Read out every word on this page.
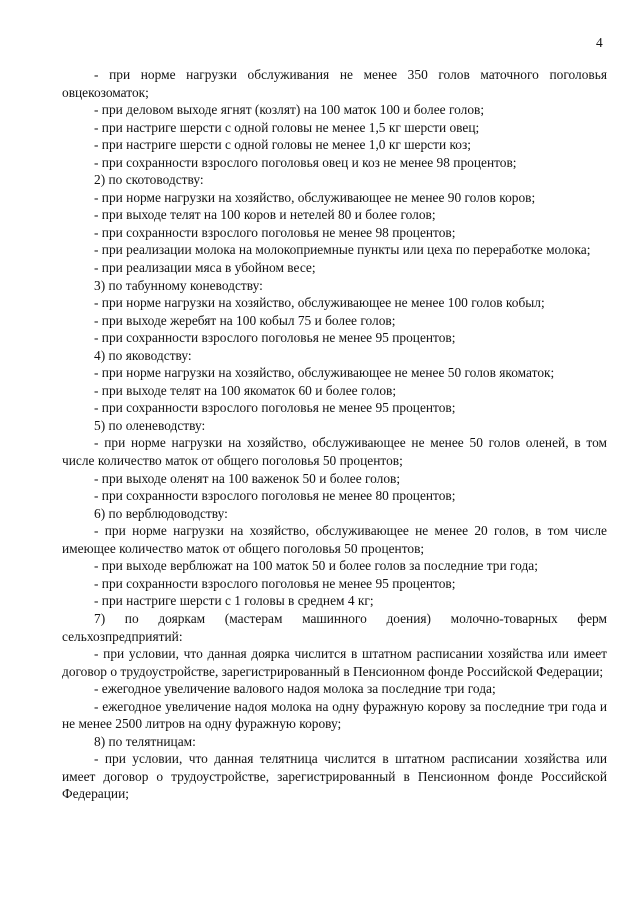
4

- при норме нагрузки обслуживания не менее 350 голов маточного поголовья овцекозоматок;

- при деловом выходе ягнят (козлят) на 100 маток 100 и более голов;

- при настриге шерсти с одной головы не менее 1,5 кг шерсти овец;

- при настриге шерсти с одной головы не менее 1,0 кг шерсти коз;

- при сохранности взрослого поголовья овец и коз не менее 98 процентов;

2) по скотоводству:

- при норме нагрузки на хозяйство, обслуживающее не менее 90 голов коров;

- при выходе телят на 100 коров и нетелей 80 и более голов;

- при сохранности взрослого поголовья не менее 98 процентов;

- при реализации молока на молокоприемные пункты или цеха по переработке молока;

- при реализации мяса в убойном весе;

3) по табунному коневодству:

- при норме нагрузки на хозяйство, обслуживающее не менее 100 голов кобыл;

- при выходе жеребят на 100 кобыл 75 и более голов;

- при сохранности взрослого поголовья не менее 95 процентов;

4) по яководству:

- при норме нагрузки на хозяйство, обслуживающее не менее 50 голов якоматок;

- при выходе телят на 100 якоматок 60 и более голов;

- при сохранности взрослого поголовья не менее 95 процентов;

5) по оленеводству:

- при норме нагрузки на хозяйство, обслуживающее не менее 50 голов оленей, в том числе количество маток от общего поголовья 50 процентов;

- при выходе оленят на 100 важенок 50 и более голов;

- при сохранности взрослого поголовья не менее 80 процентов;

6) по верблюдоводству:

- при норме нагрузки на хозяйство, обслуживающее не менее 20 голов, в том числе имеющее количество маток от общего поголовья 50 процентов;

- при выходе верблюжат на 100 маток 50 и более голов за последние три года;

- при сохранности взрослого поголовья не менее 95 процентов;

- при настриге шерсти с 1 головы в среднем 4 кг;

7) по дояркам (мастерам машинного доения) молочно-товарных ферм сельхозпредприятий:

- при условии, что данная доярка числится в штатном расписании хозяйства или имеет договор о трудоустройстве, зарегистрированный в Пенсионном фонде Российской Федерации;

- ежегодное увеличение валового надоя молока за последние три года;

- ежегодное увеличение надоя молока на одну фуражную корову за последние три года и не менее 2500 литров на одну фуражную корову;

8) по телятницам:

- при условии, что данная телятница числится в штатном расписании хозяйства или имеет договор о трудоустройстве, зарегистрированный в Пенсионном фонде Российской Федерации;
